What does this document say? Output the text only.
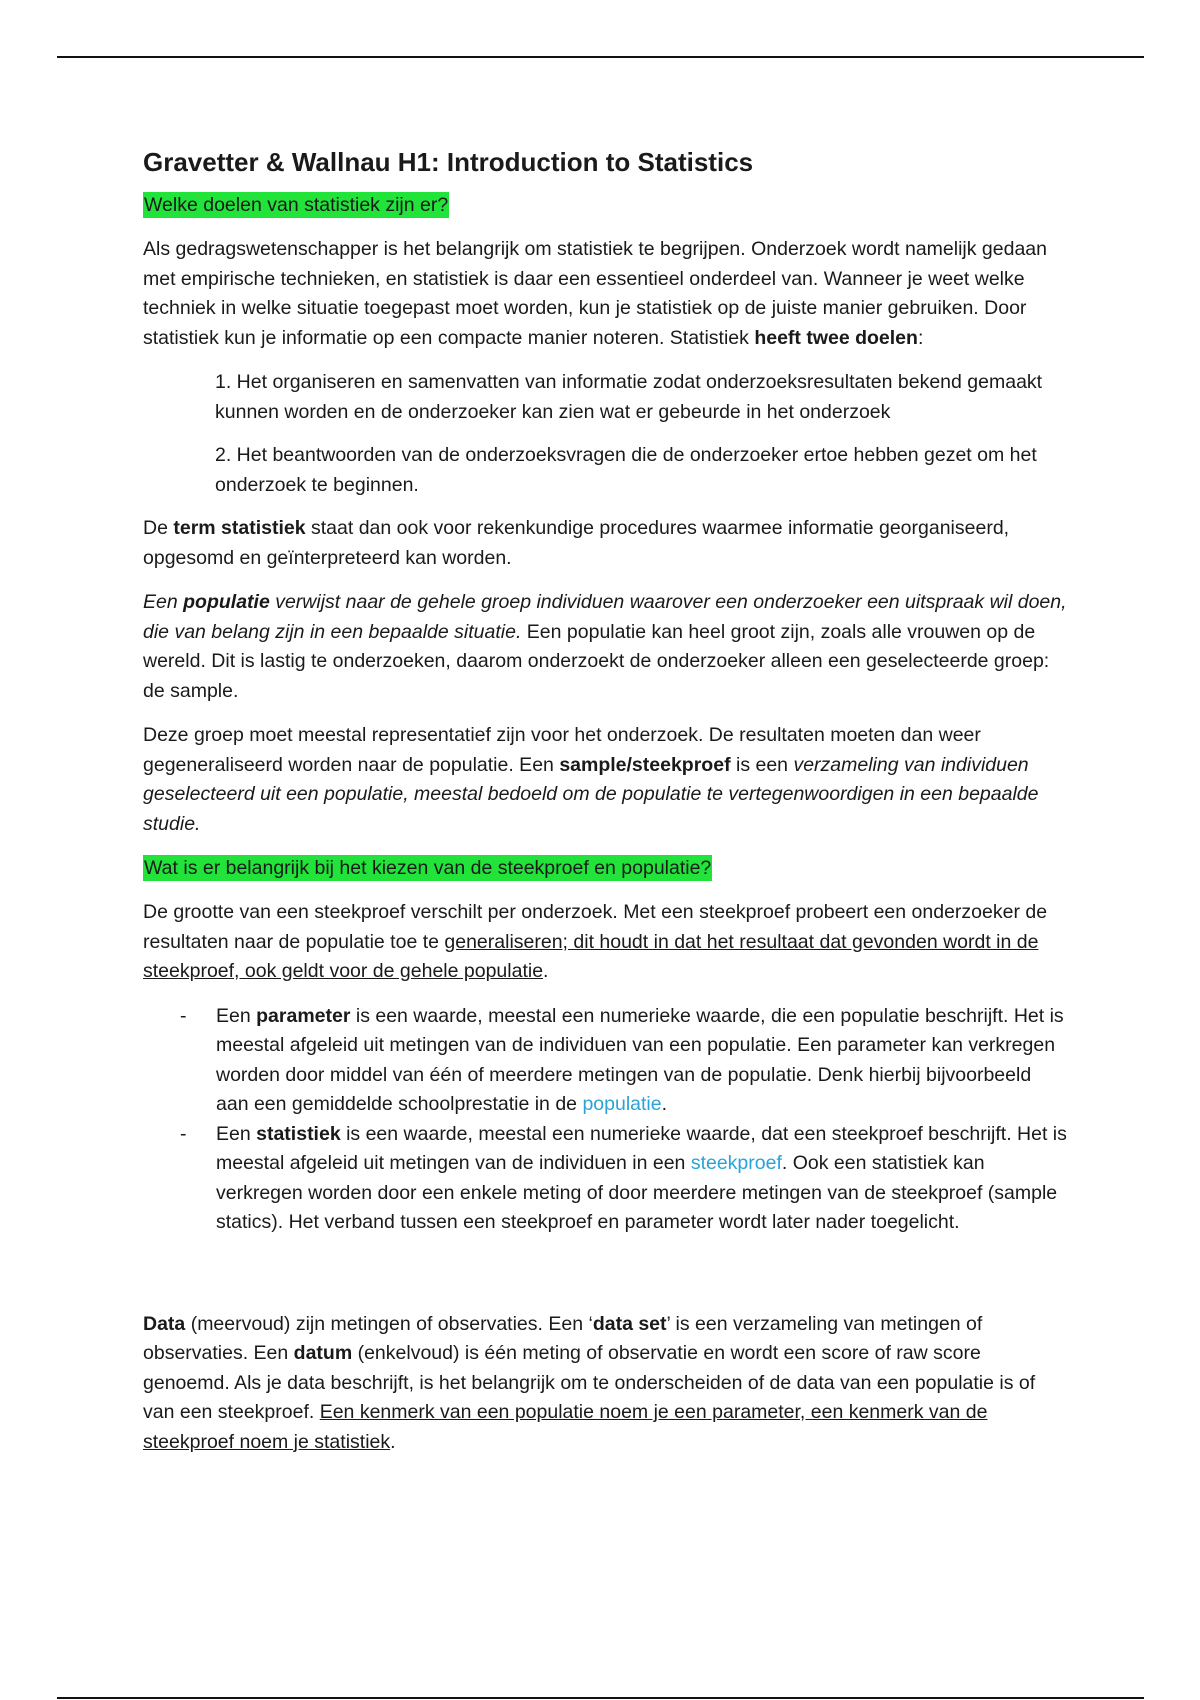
Gravetter & Wallnau H1: Introduction to Statistics
Welke doelen van statistiek zijn er?

Als gedragswetenschapper is het belangrijk om statistiek te begrijpen. Onderzoek wordt namelijk gedaan met empirische technieken, en statistiek is daar een essentieel onderdeel van. Wanneer je weet welke techniek in welke situatie toegepast moet worden, kun je statistiek op de juiste manier gebruiken. Door statistiek kun je informatie op een compacte manier noteren. Statistiek heeft twee doelen:

1. Het organiseren en samenvatten van informatie zodat onderzoeksresultaten bekend gemaakt kunnen worden en de onderzoeker kan zien wat er gebeurde in het onderzoek

2. Het beantwoorden van de onderzoeksvragen die de onderzoeker ertoe hebben gezet om het onderzoek te beginnen.

De term statistiek staat dan ook voor rekenkundige procedures waarmee informatie georganiseerd, opgesomd en geïnterpreteerd kan worden.

Een populatie verwijst naar de gehele groep individuen waarover een onderzoeker een uitspraak wil doen, die van belang zijn in een bepaalde situatie. Een populatie kan heel groot zijn, zoals alle vrouwen op de wereld. Dit is lastig te onderzoeken, daarom onderzoekt de onderzoeker alleen een geselecteerde groep: de sample.

Deze groep moet meestal representatief zijn voor het onderzoek. De resultaten moeten dan weer gegeneraliseerd worden naar de populatie. Een sample/steekproef is een verzameling van individuen geselecteerd uit een populatie, meestal bedoeld om de populatie te vertegenwoordigen in een bepaalde studie.

Wat is er belangrijk bij het kiezen van de steekproef en populatie?

De grootte van een steekproef verschilt per onderzoek. Met een steekproef probeert een onderzoeker de resultaten naar de populatie toe te generaliseren; dit houdt in dat het resultaat dat gevonden wordt in de steekproef, ook geldt voor de gehele populatie.

- Een parameter is een waarde, meestal een numerieke waarde, die een populatie beschrijft. Het is meestal afgeleid uit metingen van de individuen van een populatie. Een parameter kan verkregen worden door middel van één of meerdere metingen van de populatie. Denk hierbij bijvoorbeeld aan een gemiddelde schoolprestatie in de populatie.
- Een statistiek is een waarde, meestal een numerieke waarde, dat een steekproef beschrijft. Het is meestal afgeleid uit metingen van de individuen in een steekproef. Ook een statistiek kan verkregen worden door een enkele meting of door meerdere metingen van de steekproef (sample statics). Het verband tussen een steekproef en parameter wordt later nader toegelicht.

Data (meervoud) zijn metingen of observaties. Een ‘data set’ is een verzameling van metingen of observaties. Een datum (enkelvoud) is één meting of observatie en wordt een score of raw score genoemd. Als je data beschrijft, is het belangrijk om te onderscheiden of de data van een populatie is of van een steekproef. Een kenmerk van een populatie noem je een parameter, een kenmerk van de steekproef noem je statistiek.
